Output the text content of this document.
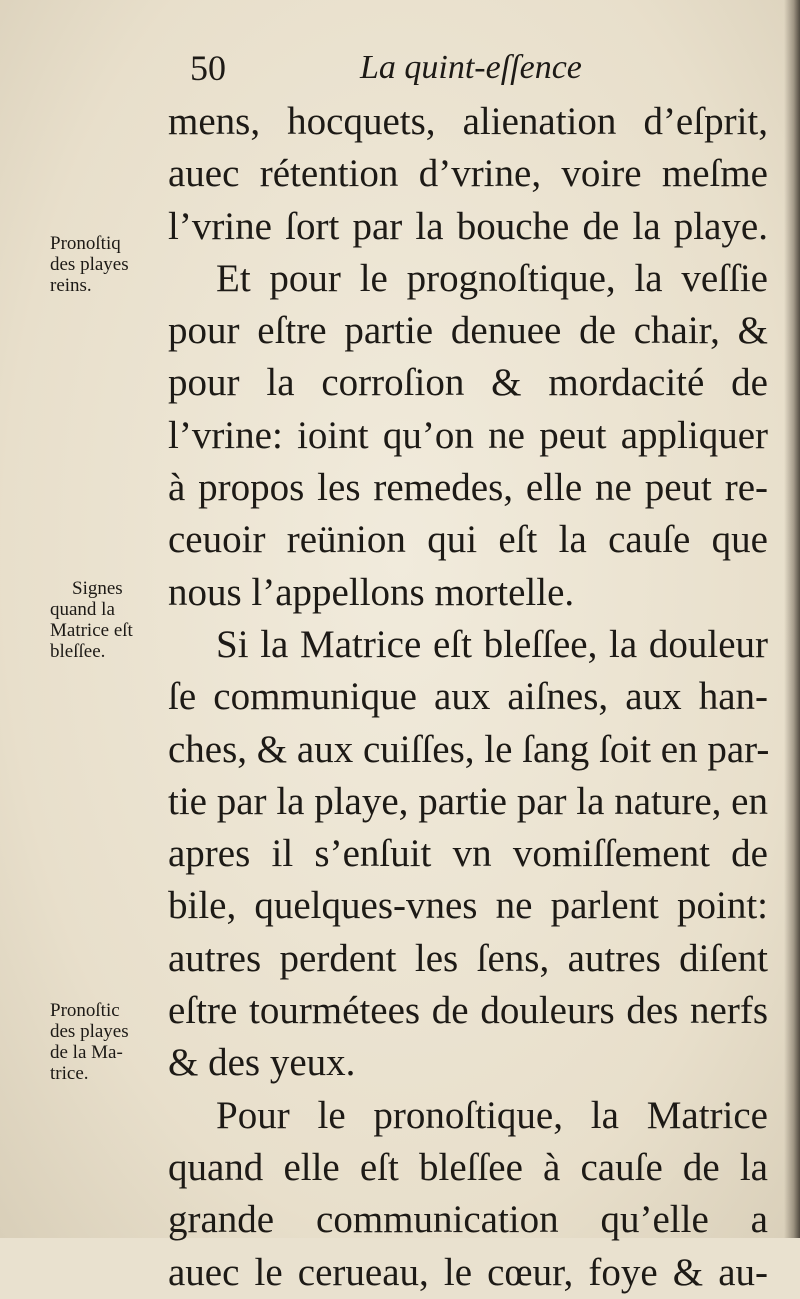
50	La quint-eſſence
mens, hocquets, alienation d’eſprit,
auec rétention d’vrine, voire meſme
l’vrine ſort par la bouche de la playe.
Et pour le prognoſtique, la veſſie
pour eſtre partie denuee de chair, &
pour la corroſion & mordacité de
l’vrine: ioint qu’on ne peut appliquer
à propos les remedes, elle ne peut re-
ceuoir reünion qui eſt la cauſe que
nous l’appellons mortelle.
Si la Matrice eſt bleſſee, la douleur
ſe communique aux aiſnes, aux han-
ches, & aux cuiſſes, le ſang ſoit en par-
tie par la playe, partie par la nature, en
apres il s’enſuit vn vomiſſement de
bile, quelques-vnes ne parlent point:
autres perdent les ſens, autres diſent
eſtre tourmétees de douleurs des nerfs
& des yeux.
Pour le pronoſtique, la Matrice
quand elle eſt bleſſee à cauſe de la
grande communication qu’elle a
auec le cerueau, le cœur, foye & au-
Pronoſtiq
des playes
reins.
Signes
quand la
Matrice eſt
bleſſee.
Pronoſtic
des playes
de la Ma-
trice.
